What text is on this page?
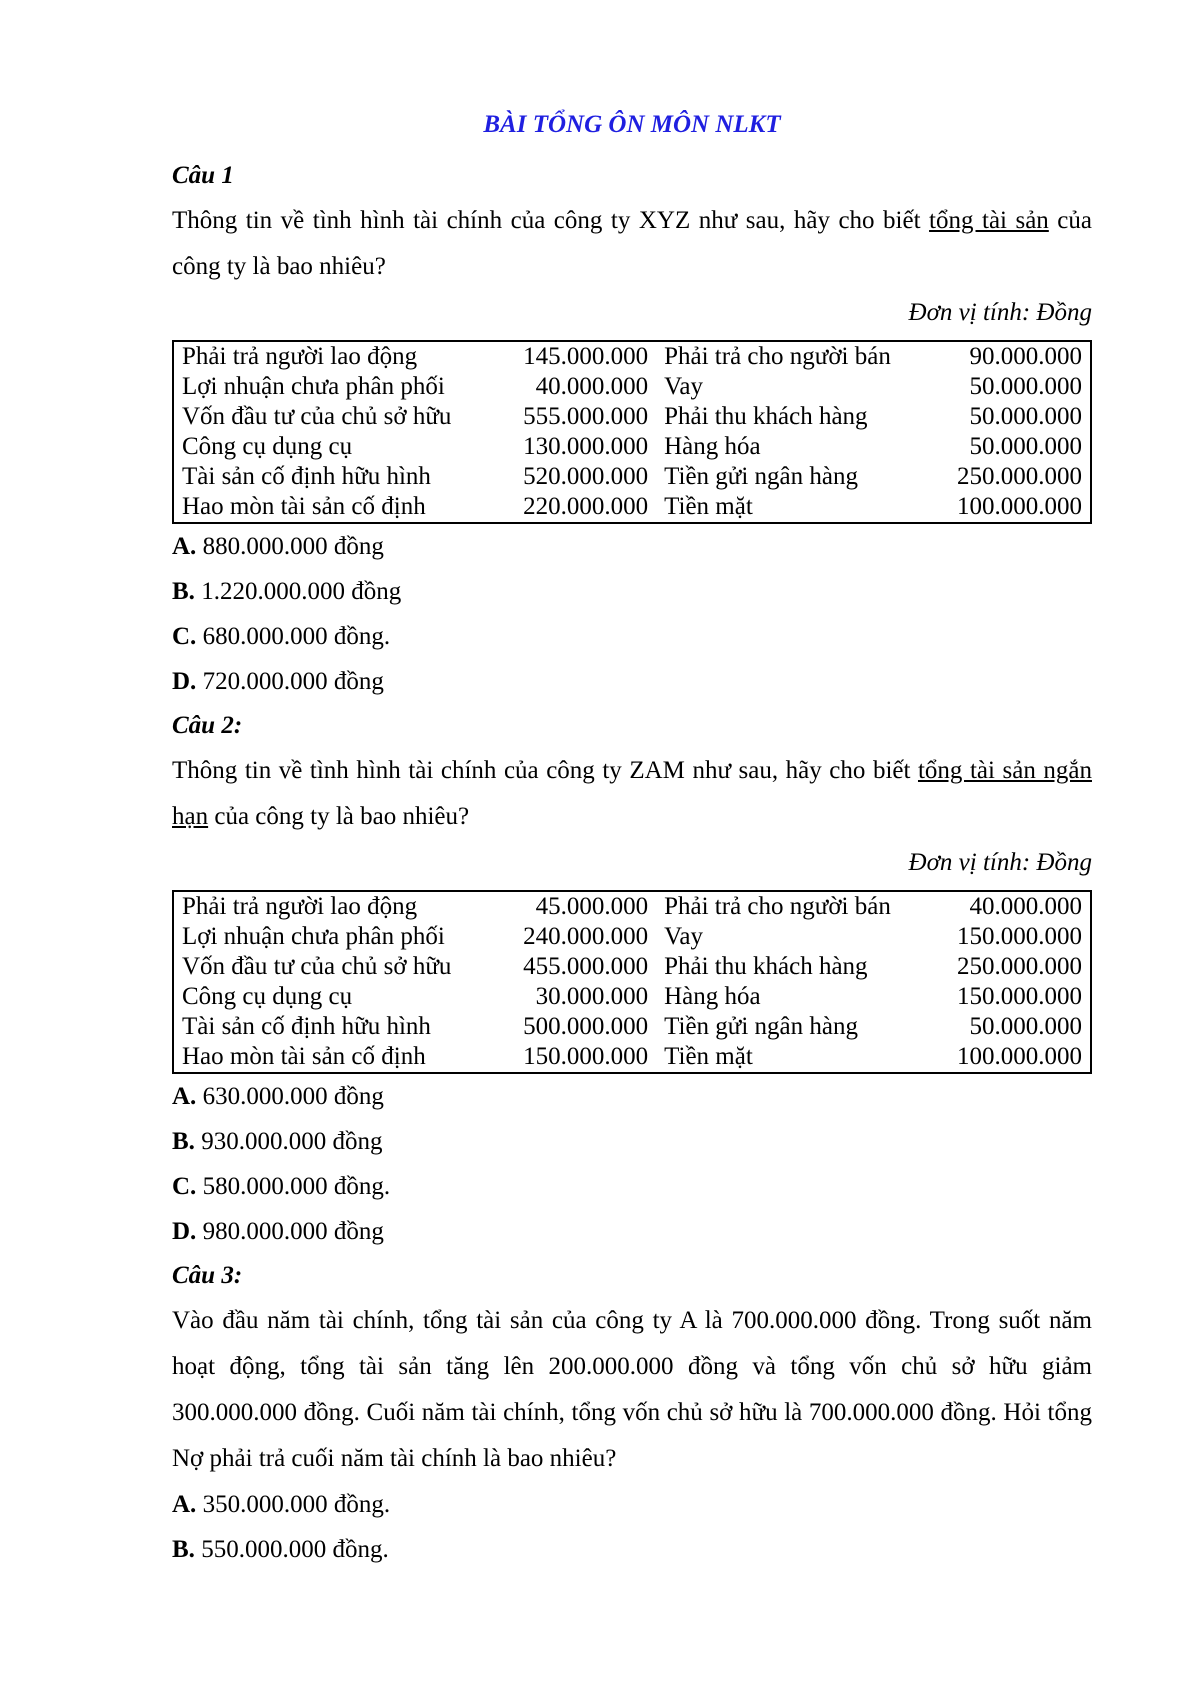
BÀI TỔNG ÔN MÔN NLKT
Câu 1
Thông tin về tình hình tài chính của công ty XYZ như sau, hãy cho biết tổng tài sản của công ty là bao nhiêu?
Đơn vị tính: Đồng
Phải trả người lao động	145.000.000	Phải trả cho người bán	90.000.000
Lợi nhuận chưa phân phối	40.000.000	Vay	50.000.000
Vốn đầu tư của chủ sở hữu	555.000.000	Phải thu khách hàng	50.000.000
Công cụ dụng cụ	130.000.000	Hàng hóa	50.000.000
Tài sản cố định hữu hình	520.000.000	Tiền gửi ngân hàng	250.000.000
Hao mòn tài sản cố định	220.000.000	Tiền mặt	100.000.000
A. 880.000.000 đồng
B. 1.220.000.000 đồng
C. 680.000.000 đồng.
D. 720.000.000 đồng
Câu 2:
Thông tin về tình hình tài chính của công ty ZAM như sau, hãy cho biết tổng tài sản ngắn hạn của công ty là bao nhiêu?
Đơn vị tính: Đồng
Phải trả người lao động	45.000.000	Phải trả cho người bán	40.000.000
Lợi nhuận chưa phân phối	240.000.000	Vay	150.000.000
Vốn đầu tư của chủ sở hữu	455.000.000	Phải thu khách hàng	250.000.000
Công cụ dụng cụ	30.000.000	Hàng hóa	150.000.000
Tài sản cố định hữu hình	500.000.000	Tiền gửi ngân hàng	50.000.000
Hao mòn tài sản cố định	150.000.000	Tiền mặt	100.000.000
A. 630.000.000 đồng
B. 930.000.000 đồng
C. 580.000.000 đồng.
D. 980.000.000 đồng
Câu 3:
Vào đầu năm tài chính, tổng tài sản của công ty A là 700.000.000 đồng. Trong suốt năm hoạt động, tổng tài sản tăng lên 200.000.000 đồng và tổng vốn chủ sở hữu giảm 300.000.000 đồng. Cuối năm tài chính, tổng vốn chủ sở hữu là 700.000.000 đồng. Hỏi tổng Nợ phải trả cuối năm tài chính là bao nhiêu?
A. 350.000.000 đồng.
B. 550.000.000 đồng.
